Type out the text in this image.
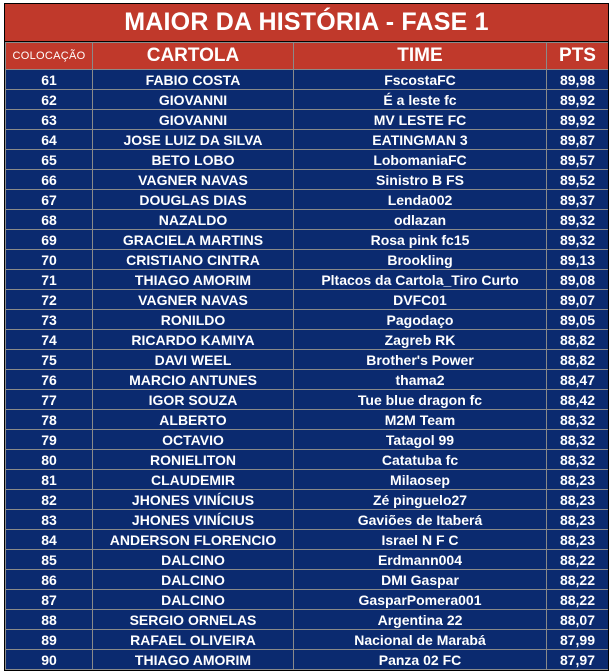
MAIOR DA HISTÓRIA - FASE 1
COLOCAÇÃO	CARTOLA	TIME	PTS
61	FABIO COSTA	FscostaFC	89,98
62	GIOVANNI	É a leste fc	89,92
63	GIOVANNI	MV LESTE FC	89,92
64	JOSE LUIZ DA SILVA	EATINGMAN 3	89,87
65	BETO LOBO	LobomaniaFC	89,57
66	VAGNER NAVAS	Sinistro B FS	89,52
67	DOUGLAS DIAS	Lenda002	89,37
68	NAZALDO	odlazan	89,32
69	GRACIELA MARTINS	Rosa pink fc15	89,32
70	CRISTIANO CINTRA	Brookling	89,13
71	THIAGO AMORIM	Pltacos da Cartola_Tiro Curto	89,08
72	VAGNER NAVAS	DVFC01	89,07
73	RONILDO	Pagodaço	89,05
74	RICARDO KAMIYA	Zagreb RK	88,82
75	DAVI WEEL	Brother's Power	88,82
76	MARCIO ANTUNES	thama2	88,47
77	IGOR SOUZA	Tue blue dragon fc	88,42
78	ALBERTO	M2M Team	88,32
79	OCTAVIO	Tatagol 99	88,32
80	RONIELITON	Catatuba fc	88,32
81	CLAUDEMIR	Milaosep	88,23
82	JHONES VINÍCIUS	Zé pinguelo27	88,23
83	JHONES VINÍCIUS	Gaviões de Itaberá	88,23
84	ANDERSON FLORENCIO	Israel N F C	88,23
85	DALCINO	Erdmann004	88,22
86	DALCINO	DMI Gaspar	88,22
87	DALCINO	GasparPomera001	88,22
88	SERGIO ORNELAS	Argentina 22	88,07
89	RAFAEL OLIVEIRA	Nacional de Marabá	87,99
90	THIAGO AMORIM	Panza 02 FC	87,97
